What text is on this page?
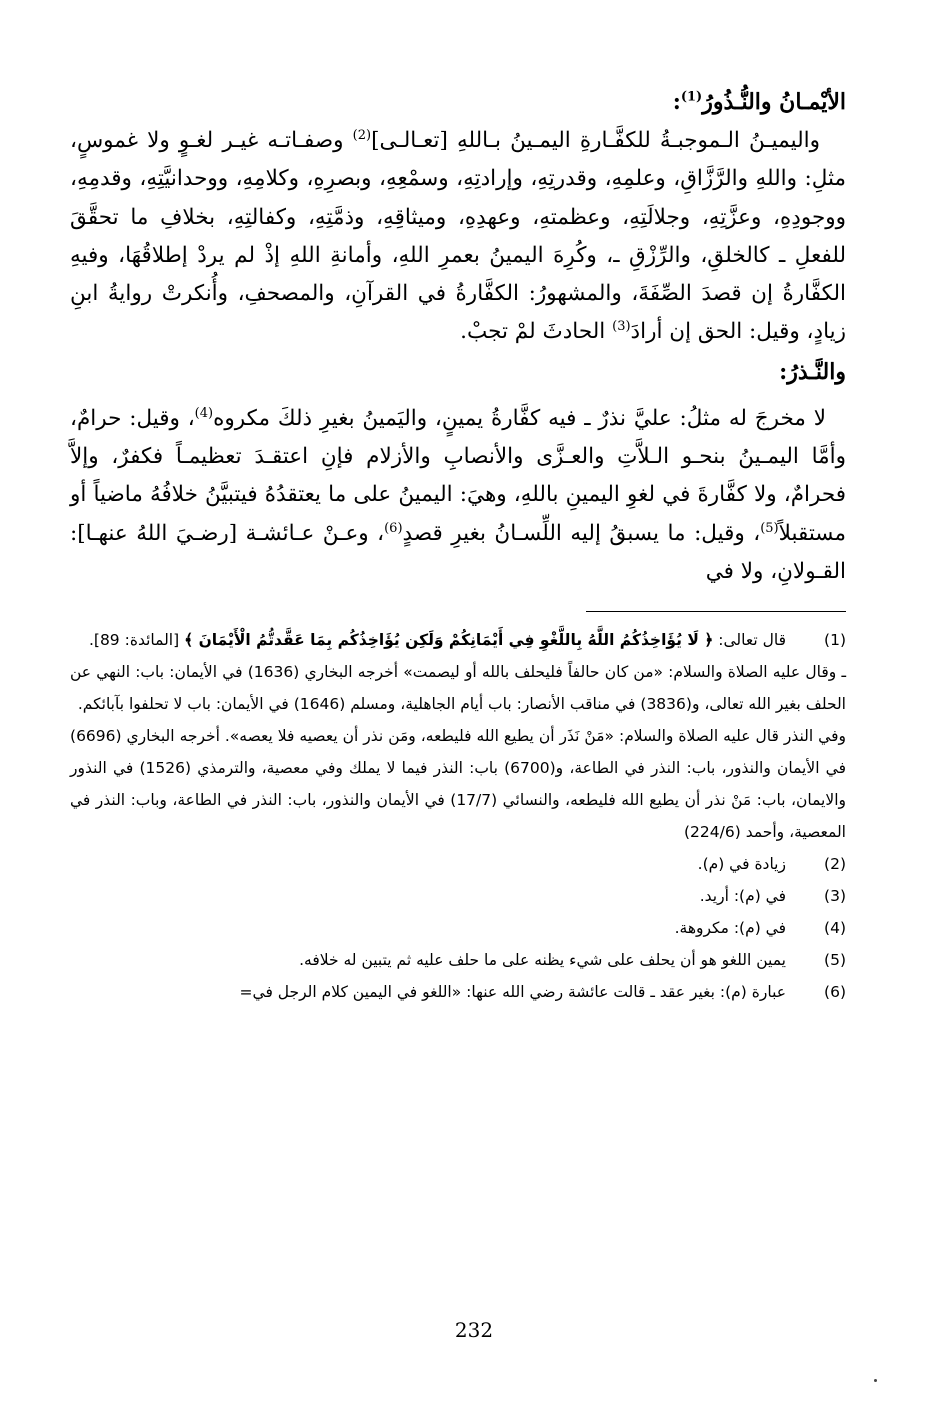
الأيْمـانُ والنُّـذُورُ$^{(1)}$:

واليميـنُ الـموجبـةُ للكفَّـارةِ اليمـينُ بـاللهِ [تعـالـى]$^{(2)}$ وصفـاتـه غيـر لغـوٍ ولا غموسٍ، مثلِ: واللهِ والرَّزَّاقِ، وعلمِهِ، وقدرتِهِ، وإرادتِهِ، وسمْعِهِ، وبصرِهِ، وكلامِهِ، ووحدانيَّتِهِ، وقدمِهِ، ووجودِهِ، وعزَّتِهِ، وجلالَتِهِ، وعظمتهِ، وعهدِهِ، وميثاقِهِ، وذمَّتِهِ، وكفالتِهِ، بخلافِ ما تحقَّقَ للفعلِ ـ كالخلقِ، والرِّزْقِ ـ، وكُرِهَ اليمينُ بعمرِ اللهِ، وأمانةِ اللهِ إذْ لم يردْ إطلاقُهَا، وفيهِ الكفَّارةُ إن قصدَ الصِّفَةَ، والمشهورُ: الكفَّارةُ في القرآنِ، والمصحفِ، وأُنكرتْ روايةُ ابنِ زيادٍ، وقيل: الحق إن أرادَ$^{(3)}$ الحادثَ لمْ تجبْ.

والنَّـذرُ:

لا مخرجَ له مثلُ: عليَّ نذرٌ ـ فيه كفَّارةُ يمينٍ، واليَمينُ بغيرِ ذلكَ مكروه$^{(4)}$، وقيل: حرامٌ، وأمَّا اليمـينُ بنحـو الـلاَّتِ والعـزَّى والأنصابِ والأزلام فإنِ اعتقـدَ تعظيمـاً فكفرٌ، وإلاَّ فحرامٌ، ولا كفَّارةَ في لغوِ اليمينِ باللهِ، وهيَ: اليمينُ على ما يعتقدُهُ فيتبيَّنُ خلافُهُ ماضياً أو مستقبلاً$^{(5)}$، وقيل: ما يسبقُ إليه اللِّسـانُ بغيرِ قصدٍ$^{(6)}$، وعـنْ عـائشـة [رضـيَ اللهُ عنهـا]: القـولانِ، ولا في

(1)
قال تعالى: ﴿ لَا يُؤَاخِذُكُمُ اللَّهُ بِاللَّغْوِ فِي أَيْمَانِكُمْ وَلَكِن يُؤَاخِذُكُم بِمَا عَقَّدتُّمُ الْأَيْمَانَ ﴾ [المائدة: 89].
ـ وقال عليه الصلاة والسلام: «من كان حالفاً فليحلف بالله أو ليصمت» أخرجه البخاري (1636) في الأيمان: باب: النهي عن الحلف بغير الله تعالى، و(3836) في مناقب الأنصار: باب أيام الجاهلية، ومسلم (1646) في الأيمان: باب لا تحلفوا بآبائكم.
وفي النذر قال عليه الصلاة والسلام: «مَنْ نَذَر أن يطيع الله فليطعه، ومَن نذر أن يعصيه فلا يعصه». أخرجه البخاري (6696) في الأيمان والنذور، باب: النذر في الطاعة، و(6700) باب: النذر فيما لا يملك وفي معصية، والترمذي (1526) في النذور والايمان، باب: مَنْ نذر أن يطيع الله فليطعه، والنسائي (17/7) في الأيمان والنذور، باب: النذر في الطاعة، وباب: النذر في المعصية، وأحمد (224/6)
(2)
زيادة في (م).
(3)
في (م): أريد.
(4)
في (م): مكروهة.
(5)
يمين اللغو هو أن يحلف على شيء يظنه على ما حلف عليه ثم يتبين له خلافه.
(6)
عبارة (م): بغير عقد ـ قالت عائشة رضي الله عنها: «اللغو في اليمين كلام الرجل في=
232
